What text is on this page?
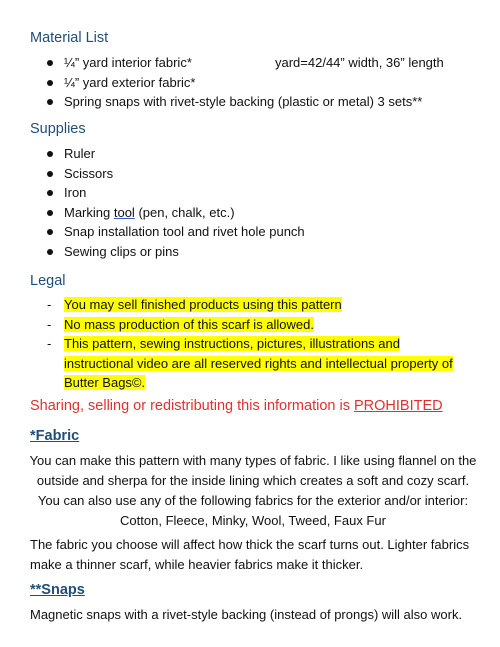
Material List
¼” yard interior fabric*	yard=42/44” width, 36” length
¼” yard exterior fabric*
Spring snaps with rivet-style backing (plastic or metal) 3 sets**
Supplies
Ruler
Scissors
Iron
Marking tool (pen, chalk, etc.)
Snap installation tool and rivet hole punch
Sewing clips or pins
Legal
- You may sell finished products using this pattern
- No mass production of this scarf is allowed.
- This pattern, sewing instructions, pictures, illustrations and instructional video are all reserved rights and intellectual property of Butter Bags©.

Sharing, selling or redistributing this information is PROHIBITED

*Fabric

You can make this pattern with many types of fabric. I like using flannel on the outside and sherpa for the inside lining which creates a soft and cozy scarf. You can also use any of the following fabrics for the exterior and/or interior:

Cotton, Fleece, Minky, Wool, Tweed, Faux Fur

The fabric you choose will affect how thick the scarf turns out. Lighter fabrics make a thinner scarf, while heavier fabrics make it thicker.

**Snaps

Magnetic snaps with a rivet-style backing (instead of prongs) will also work.
